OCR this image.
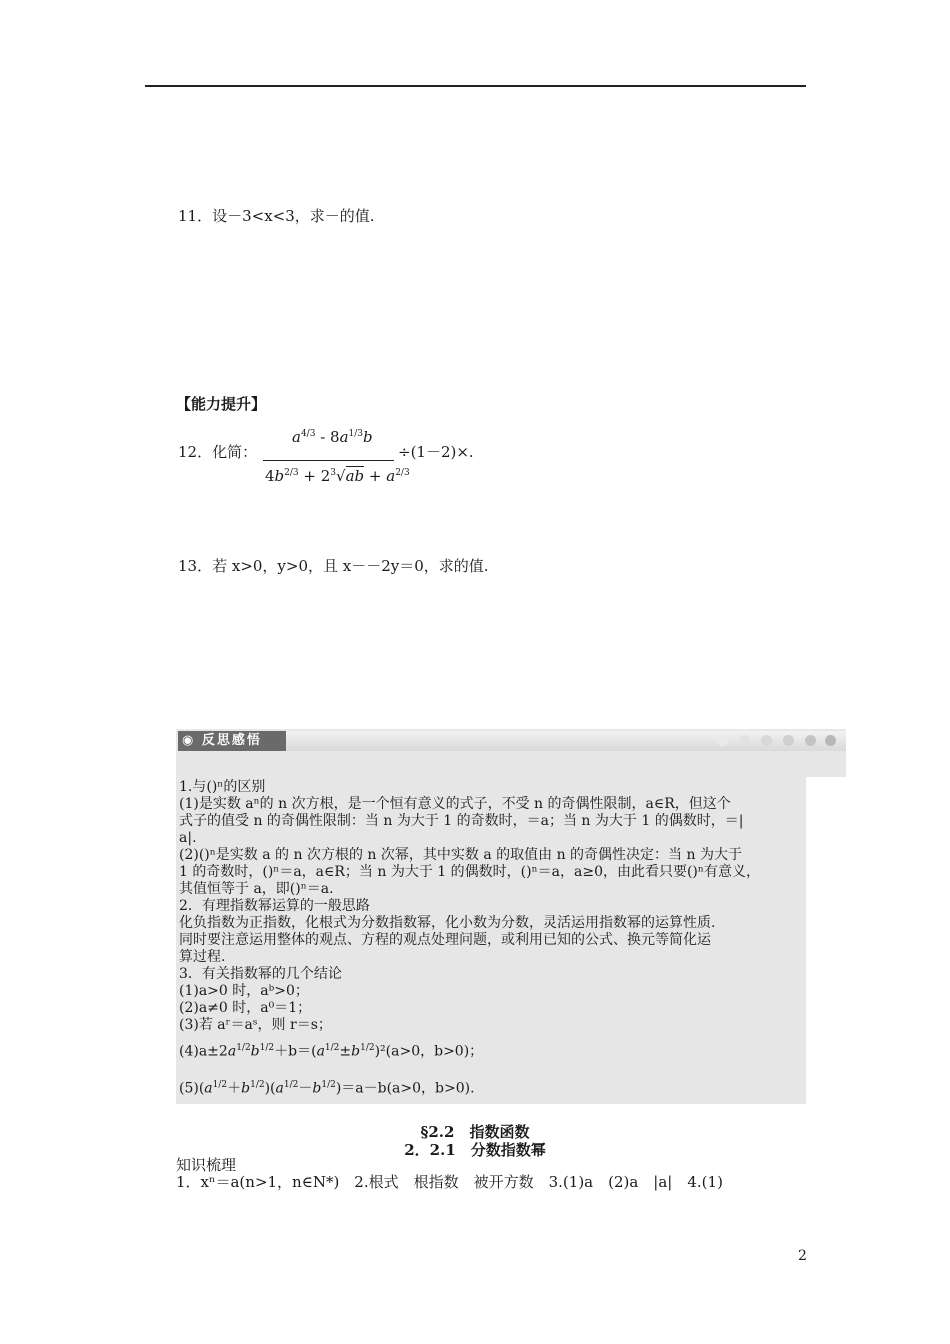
11．设－3<x<3，求－的值.
【能力提升】
12．化简：
$a^{4/3} - 8a^{1/3}b$
$4b^{2/3} + 2^3√ab + a^{2/3}$
÷(1－2)×.
13．若 x>0，y>0，且 x－－2y＝0，求的值.
◉ 反思感悟
1.与()ⁿ的区别
(1)是实数 aⁿ的 n 次方根，是一个恒有意义的式子，不受 n 的奇偶性限制，a∈R，但这个
式子的值受 n 的奇偶性限制：当 n 为大于 1 的奇数时，＝a；当 n 为大于 1 的偶数时，＝|
a|.
(2)()ⁿ是实数 a 的 n 次方根的 n 次幂，其中实数 a 的取值由 n 的奇偶性决定：当 n 为大于
1 的奇数时，()ⁿ＝a，a∈R；当 n 为大于 1 的偶数时，()ⁿ＝a，a≥0，由此看只要()ⁿ有意义，
其值恒等于 a，即()ⁿ＝a.
2．有理指数幂运算的一般思路
化负指数为正指数，化根式为分数指数幂，化小数为分数，灵活运用指数幂的运算性质.
同时要注意运用整体的观点、方程的观点处理问题，或利用已知的公式、换元等简化运
算过程.
3．有关指数幂的几个结论
(1)a>0 时，aᵇ>0；
(2)a≠0 时，a⁰＝1；
(3)若 aʳ＝aˢ，则 r＝s；
$(4)a\pm 2a^{1/2}b^{1/2}+b=(a^{1/2}\pm b^{1/2})^2(a>0$，b>0)；
$(5)(a^{1/2}+b^{1/2})(a^{1/2}-b^{1/2})=a-b(a>0$，b>0).
§2.2　指数函数
2．2.1　分数指数幂
知识梳理
1．xⁿ＝a(n>1，n∈N*)　2.根式　根指数　被开方数　3.(1)a　(2)a　|a|　4.(1)
2
